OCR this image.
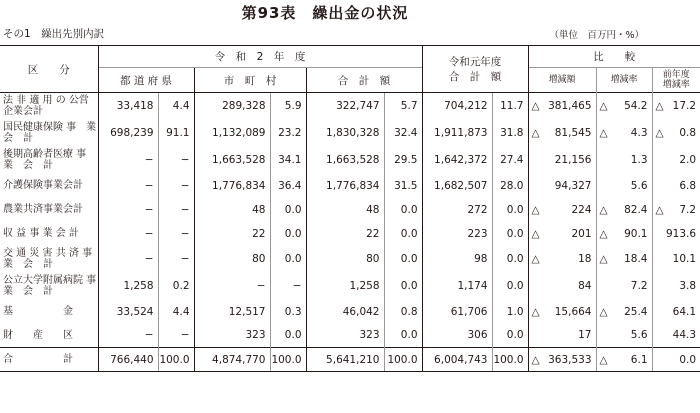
第93表　繰出金の状況
その1　繰出先別内訳	（単位　百万円・%）
区　　分	令　和　2　年　度						令和元年度
合　計　額		比　　較		
	都 道 府 県		市　町　村		合　計　額				増減額	増減率	前年度
増減率

法 非 適 用 の 公営企業会計	33,418	4.4	289,328	5.9	322,747	5.7	704,212	11.7	△ 381,465	△ 54.2	△ 17.2

国民健康保険 事　業　会　計	698,239	91.1	1,132,089	23.2	1,830,328	32.4	1,911,873	31.8	△ 81,545	△ 4.3	△ 0.8

後期高齢者医療 事　業　会　計	−	−	1,663,528	34.1	1,663,528	29.5	1,642,372	27.4	21,156	1.3	2.0

介護保険事業会計	−	−	1,776,834	36.4	1,776,834	31.5	1,682,507	28.0	94,327	5.6	6.8

農業共済事業会計	−	−	48	0.0	48	0.0	272	0.0	△ 224	△ 82.4	△ 7.2

収 益 事 業 会 計	−	−	22	0.0	22	0.0	223	0.0	△ 201	△ 90.1	913.6

交 通 災 害 共 済 事　業　会　計	−	−	80	0.0	80	0.0	98	0.0	△ 18	△ 18.4	10.1

公立大学附属病院 事　業　会　計	1,258	0.2	−	−	1,258	0.0	1,174	0.0	84	7.2	3.8

基　　　　　金	33,524	4.4	12,517	0.3	46,042	0.8	61,706	1.0	△ 15,664	△ 25.4	64.1

財　　産　　区	−	−	323	0.0	323	0.0	306	0.0	17	5.6	44.3

合　　　　　計	766,440	100.0	4,874,770	100.0	5,641,210	100.0	6,004,743	100.0	△ 363,533	△ 6.1	0.0
